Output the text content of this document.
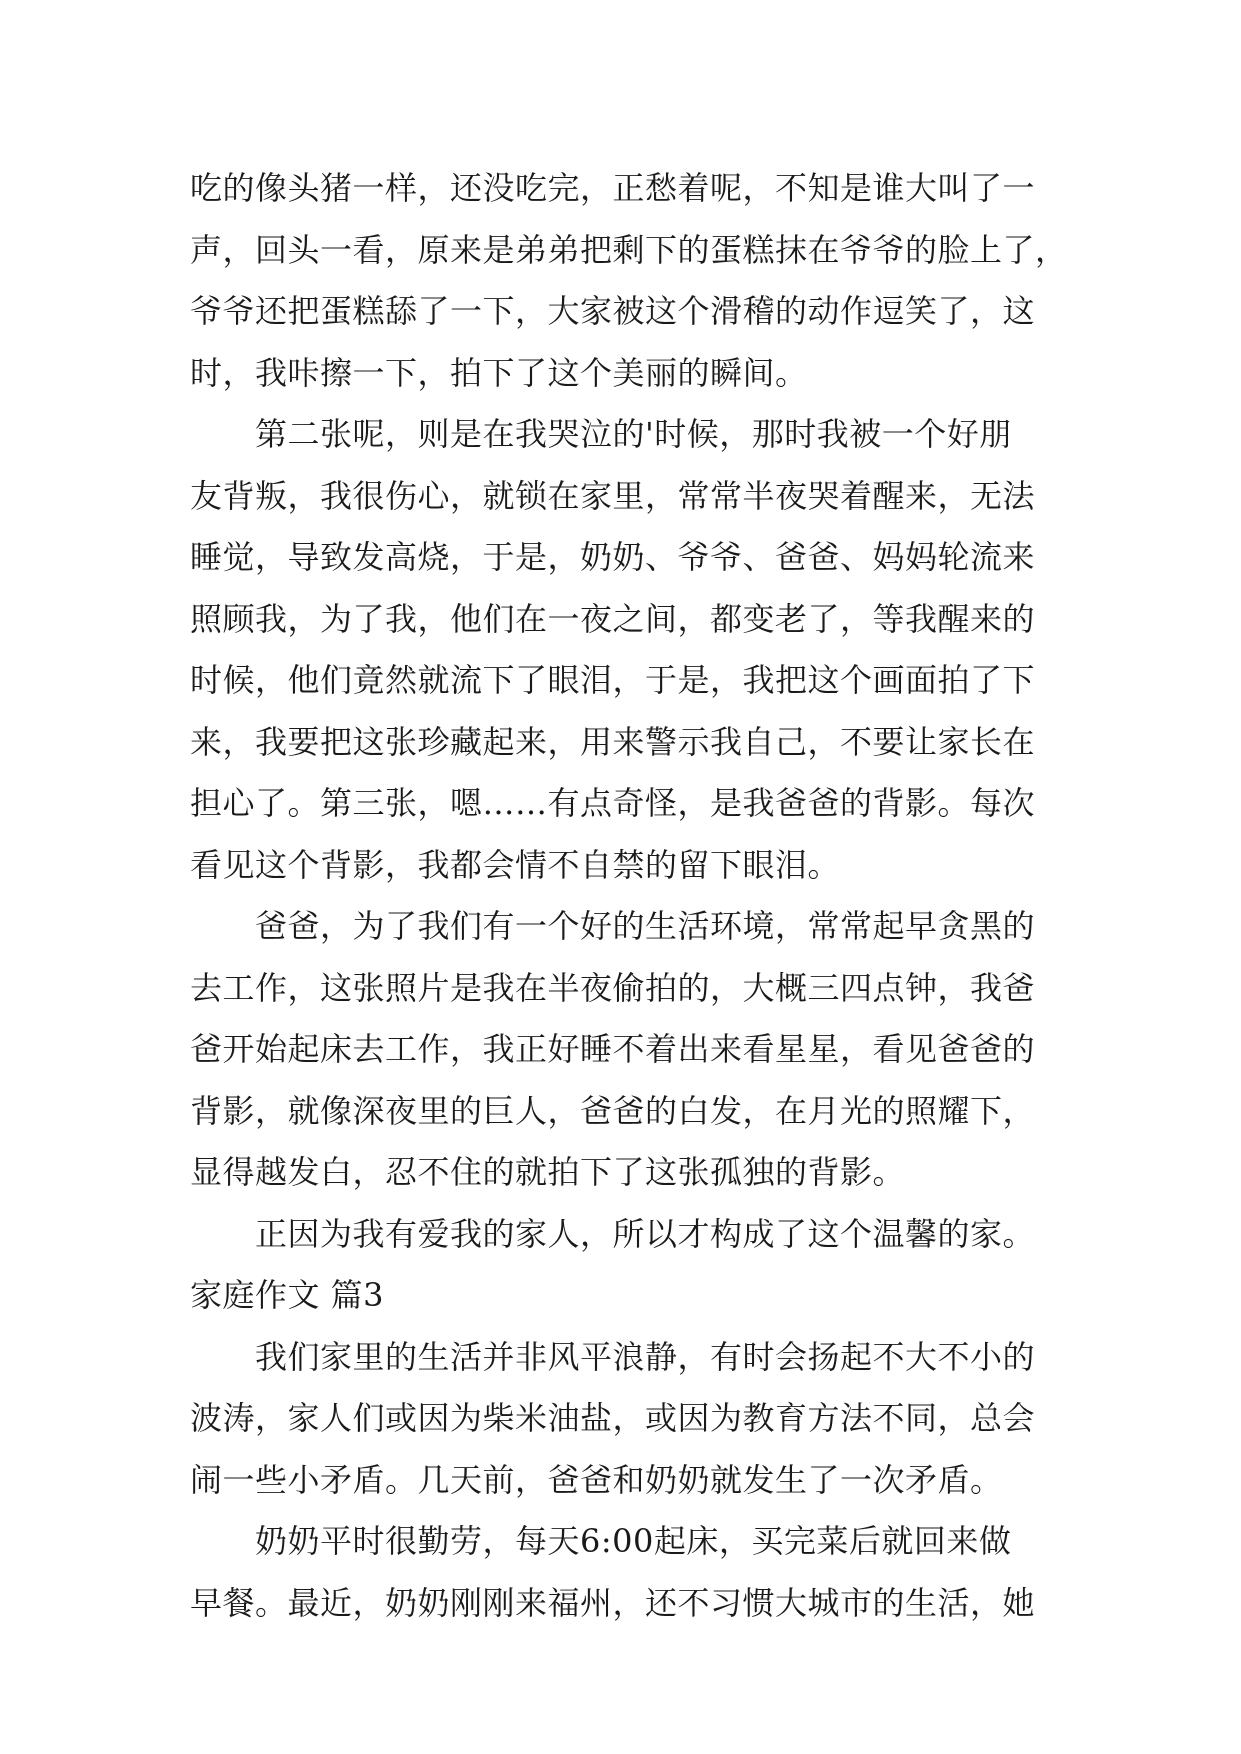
吃的像头猪一样，还没吃完，正愁着呢，不知是谁大叫了一
声，回头一看，原来是弟弟把剩下的蛋糕抹在爷爷的脸上了，
爷爷还把蛋糕舔了一下，大家被这个滑稽的动作逗笑了，这
时，我咔擦一下，拍下了这个美丽的瞬间。
　　第二张呢，则是在我哭泣的'时候，那时我被一个好朋
友背叛，我很伤心，就锁在家里，常常半夜哭着醒来，无法
睡觉，导致发高烧，于是，奶奶、爷爷、爸爸、妈妈轮流来
照顾我，为了我，他们在一夜之间，都变老了，等我醒来的
时候，他们竟然就流下了眼泪，于是，我把这个画面拍了下
来，我要把这张珍藏起来，用来警示我自己，不要让家长在
担心了。第三张，嗯……有点奇怪，是我爸爸的背影。每次
看见这个背影，我都会情不自禁的留下眼泪。
　　爸爸，为了我们有一个好的生活环境，常常起早贪黑的
去工作，这张照片是我在半夜偷拍的，大概三四点钟，我爸
爸开始起床去工作，我正好睡不着出来看星星，看见爸爸的
背影，就像深夜里的巨人，爸爸的白发，在月光的照耀下，
显得越发白，忍不住的就拍下了这张孤独的背影。
　　正因为我有爱我的家人，所以才构成了这个温馨的家。
家庭作文 篇3
　　我们家里的生活并非风平浪静，有时会扬起不大不小的
波涛，家人们或因为柴米油盐，或因为教育方法不同，总会
闹一些小矛盾。几天前，爸爸和奶奶就发生了一次矛盾。
　　奶奶平时很勤劳，每天6:00起床，买完菜后就回来做
早餐。最近，奶奶刚刚来福州，还不习惯大城市的生活，她
